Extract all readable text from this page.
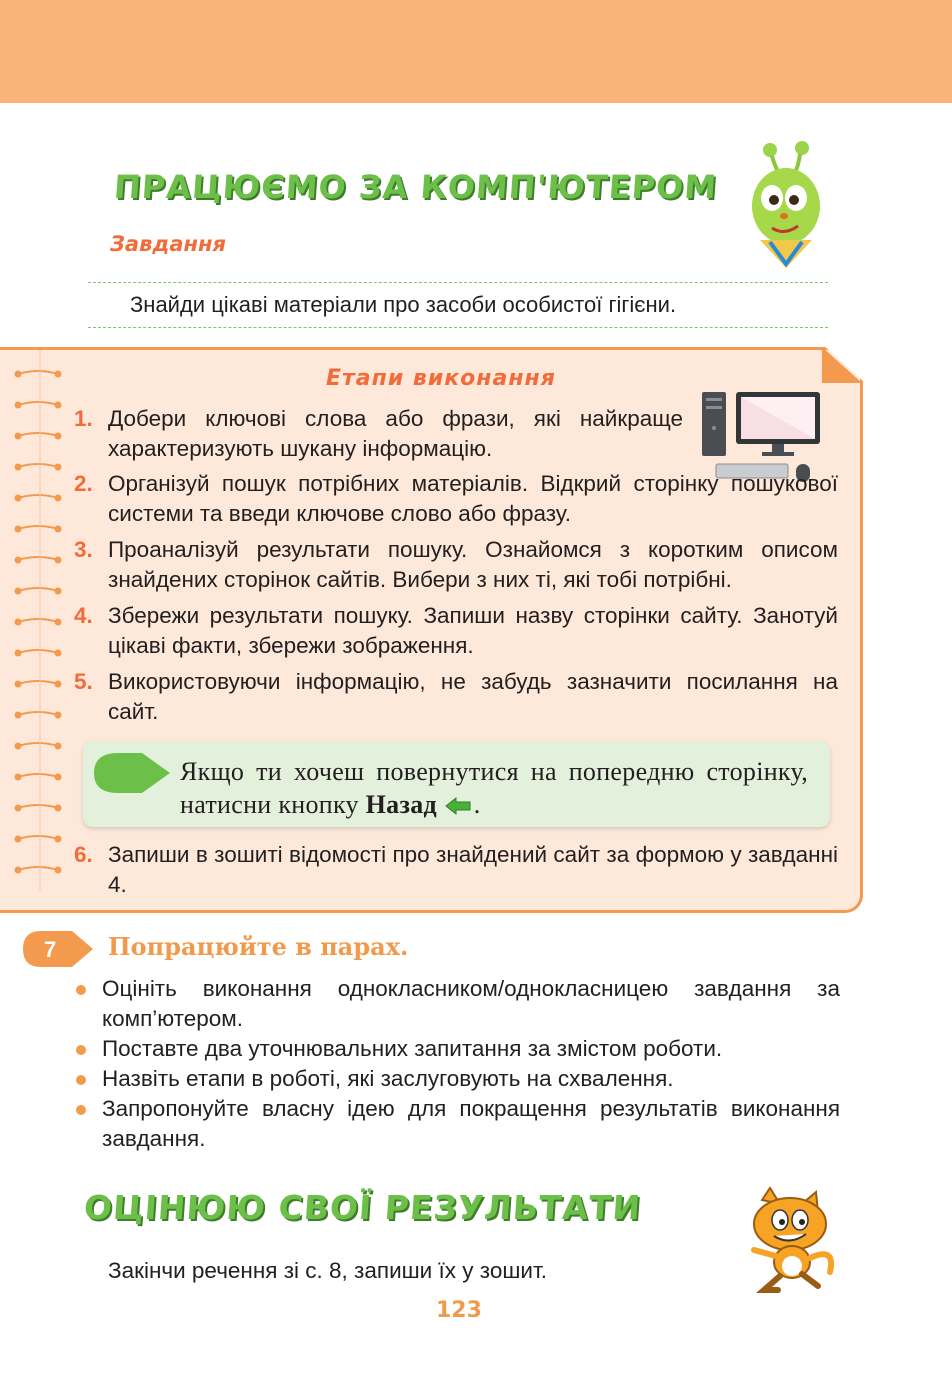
ПРАЦЮЄМО ЗА КОМП'ЮТЕРОМ
Завдання
Знайди цікаві матеріали про засоби особистої гігієни.
Етапи виконання
1. Добери ключові слова або фрази, які найкраще характеризують шукану інформацію.
2. Організуй пошук потрібних матеріалів. Відкрий сторінку пошукової системи та введи ключове слово або фразу.
3. Проаналізуй результати пошуку. Ознайомся з коротким описом знайдених сторінок сайтів. Вибери з них ті, які тобі потрібні.
4. Збережи результати пошуку. Запиши назву сторінки сайту. Занотуй цікаві факти, збережи зображення.
5. Використовуючи інформацію, не забудь зазначити посилання на сайт.
Якщо ти хочеш повернутися на попередню сторінку, натисни кнопку Назад .
6. Запиши в зошиті відомості про знайдений сайт за формою у завданні 4.
7 Попрацюйте в парах.
Оцініть виконання однокласником/однокласницею завдання за комп’ютером.
Поставте два уточнювальних запитання за змістом роботи.
Назвіть етапи в роботі, які заслуговують на схвалення.
Запропонуйте власну ідею для покращення результатів виконання завдання.
ОЦІНЮЮ СВОЇ РЕЗУЛЬТАТИ
Закінчи речення зі с. 8, запиши їх у зошит.
123
